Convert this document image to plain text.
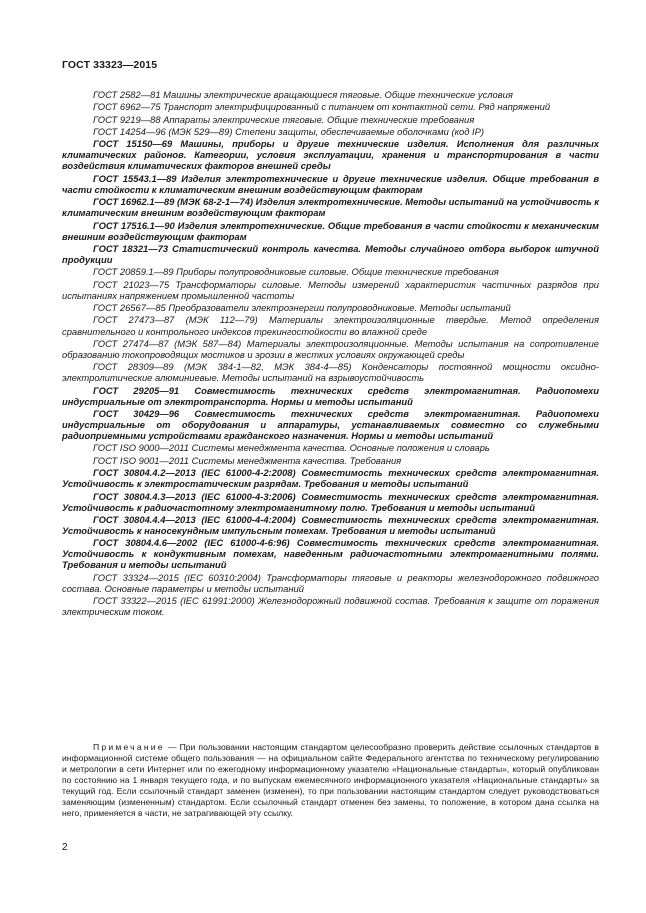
ГОСТ 33323—2015

ГОСТ 2582—81 Машины электрические вращающиеся тяговые. Общие технические условия

ГОСТ 6962—75 Транспорт электрифицированный с питанием от контактной сети. Ряд напряжений

ГОСТ 9219—88 Аппараты электрические тяговые. Общие технические требования

ГОСТ 14254—96 (МЭК 529—89) Степени защиты, обеспечиваемые оболочками (код IP)

ГОСТ 15150—69 Машины, приборы и другие технические изделия. Исполнения для различных климатических районов. Категории, условия эксплуатации, хранения и транспортирования в части воздействия климатических факторов внешней среды

ГОСТ 15543.1—89 Изделия электротехнические и другие технические изделия. Общие требования в части стойкости к климатическим внешним воздействующим факторам

ГОСТ 16962.1—89 (МЭК 68-2-1—74) Изделия электротехнические. Методы испытаний на устойчивость к климатическим внешним воздействующим факторам

ГОСТ 17516.1—90 Изделия электротехнические. Общие требования в части стойкости к механическим внешним воздействующим факторам

ГОСТ 18321—73 Статистический контроль качества. Методы случайного отбора выборок штучной продукции

ГОСТ 20859.1—89 Приборы полупроводниковые силовые. Общие технические требования

ГОСТ 21023—75 Трансформаторы силовые. Методы измерений характеристик частичных разрядов при испытаниях напряжением промышленной частоты

ГОСТ 26567—85 Преобразователи электроэнергии полупроводниковые. Методы испытаний

ГОСТ 27473—87 (МЭК 112—79) Материалы электроизоляционные твердые. Метод определения сравнительного и контрольного индексов трекингостойкости во влажной среде

ГОСТ 27474—87 (МЭК 587—84) Материалы электроизоляционные. Методы испытания на сопротивление образованию токопроводящих мостиков и эрозии в жестких условиях окружающей среды

ГОСТ 28309—89 (МЭК 384-1—82, МЭК 384-4—85) Конденсаторы постоянной мощности оксидно-электролитические алюминиевые. Методы испытаний на взрывоустойчивость

ГОСТ 29205—91 Совместимость технических средств электромагнитная. Радиопомехи индустриальные от электротранспорта. Нормы и методы испытаний

ГОСТ 30429—96 Совместимость технических средств электромагнитная. Радиопомехи индустриальные от оборудования и аппаратуры, устанавливаемых совместно со служебными радиоприемными устройствами гражданского назначения. Нормы и методы испытаний

ГОСТ ISO 9000—2011 Системы менеджмента качества. Основные положения и словарь

ГОСТ ISO 9001—2011 Системы менеджмента качества. Требования

ГОСТ 30804.4.2—2013 (IEC 61000-4-2:2008) Совместимость технических средств электромагнитная. Устойчивость к электростатическим разрядам. Требования и методы испытаний

ГОСТ 30804.4.3—2013 (IEC 61000-4-3:2006) Совместимость технических средств электромагнитная. Устойчивость к радиочастотному электромагнитному полю. Требования и методы испытаний

ГОСТ 30804.4.4—2013 (IEC 61000-4-4:2004) Совместимость технических средств электромагнитная. Устойчивость к наносекундным импульсным помехам. Требования и методы испытаний

ГОСТ 30804.4.6—2002 (IEC 61000-4-6:96) Совместимость технических средств электромагнитная. Устойчивость к кондуктивным помехам, наведенным радиочастотными электромагнитными полями. Требования и методы испытаний

ГОСТ 33324—2015 (IEC 60310:2004) Трансформаторы тяговые и реакторы железнодорожного подвижного состава. Основные параметры и методы испытаний

ГОСТ 33322—2015 (IEC 61991:2000) Железнодорожный подвижной состав. Требования к защите от поражения электрическим током.

Примечание — При пользовании настоящим стандартом целесообразно проверить действие ссылочных стандартов в информационной системе общего пользования — на официальном сайте Федерального агентства по техническому регулированию и метрологии в сети Интернет или по ежегодному информационному указателю «Национальные стандарты», который опубликован по состоянию на 1 января текущего года, и по выпускам ежемесячного информационного указателя «Национальные стандарты» за текущий год. Если ссылочный стандарт заменен (изменен), то при пользовании настоящим стандартом следует руководствоваться заменяющим (измененным) стандартом. Если ссылочный стандарт отменен без замены, то положение, в котором дана ссылка на него, применяется в части, не затрагивающей эту ссылку.

2
